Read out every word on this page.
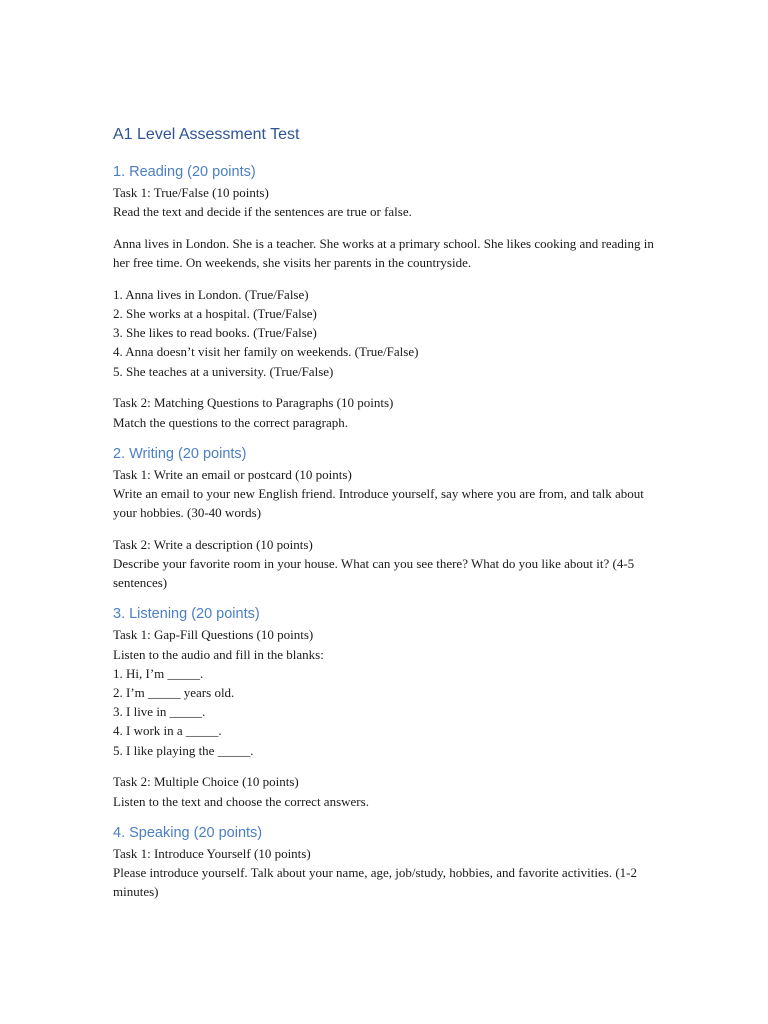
A1 Level Assessment Test
1. Reading (20 points)
Task 1: True/False (10 points)
Read the text and decide if the sentences are true or false.
Anna lives in London. She is a teacher. She works at a primary school. She likes cooking and reading in her free time. On weekends, she visits her parents in the countryside.
1. Anna lives in London. (True/False)
2. She works at a hospital. (True/False)
3. She likes to read books. (True/False)
4. Anna doesn’t visit her family on weekends. (True/False)
5. She teaches at a university. (True/False)
Task 2: Matching Questions to Paragraphs (10 points)
Match the questions to the correct paragraph.
2. Writing (20 points)
Task 1: Write an email or postcard (10 points)
Write an email to your new English friend. Introduce yourself, say where you are from, and talk about your hobbies. (30-40 words)
Task 2: Write a description (10 points)
Describe your favorite room in your house. What can you see there? What do you like about it? (4-5 sentences)
3. Listening (20 points)
Task 1: Gap-Fill Questions (10 points)
Listen to the audio and fill in the blanks:
1. Hi, I’m _____.
2. I’m _____ years old.
3. I live in _____.
4. I work in a _____.
5. I like playing the _____.
Task 2: Multiple Choice (10 points)
Listen to the text and choose the correct answers.
4. Speaking (20 points)
Task 1: Introduce Yourself (10 points)
Please introduce yourself. Talk about your name, age, job/study, hobbies, and favorite activities. (1-2 minutes)
